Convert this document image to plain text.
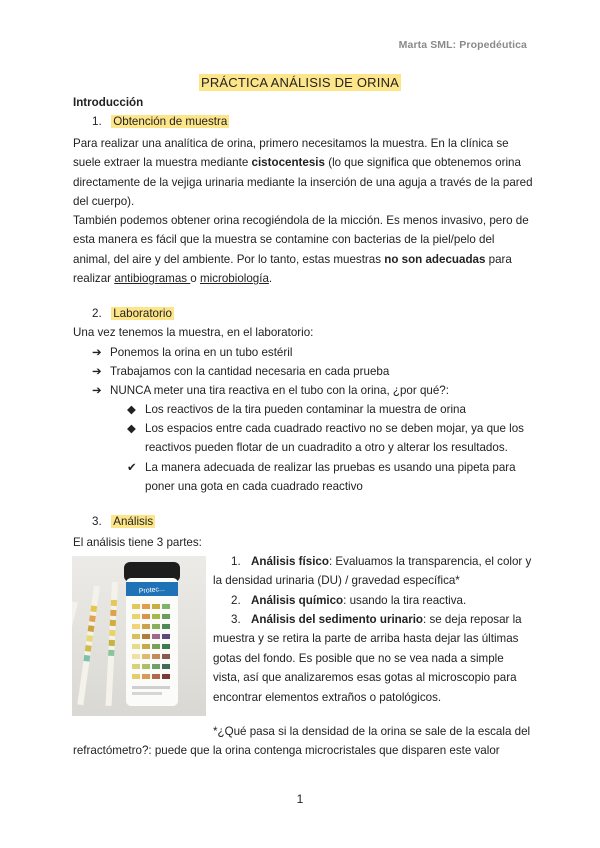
Marta SML: Propedéutica
PRÁCTICA ANÁLISIS DE ORINA
Introducción
1. Obtención de muestra
Para realizar una analítica de orina, primero necesitamos la muestra. En la clínica se suele extraer la muestra mediante cistocentesis (lo que significa que obtenemos orina directamente de la vejiga urinaria mediante la inserción de una aguja a través de la pared del cuerpo).
También podemos obtener orina recogiéndola de la micción. Es menos invasivo, pero de esta manera es fácil que la muestra se contamine con bacterias de la piel/pelo del animal, del aire y del ambiente. Por lo tanto, estas muestras no son adecuadas para realizar antibiogramas o microbiología.
2. Laboratorio
Una vez tenemos la muestra, en el laboratorio:
➔ Ponemos la orina en un tubo estéril
➔ Trabajamos con la cantidad necesaria en cada prueba
➔ NUNCA meter una tira reactiva en el tubo con la orina, ¿por qué?:
◆ Los reactivos de la tira pueden contaminar la muestra de orina
◆ Los espacios entre cada cuadrado reactivo no se deben mojar, ya que los reactivos pueden flotar de un cuadradito a otro y alterar los resultados.
✔ La manera adecuada de realizar las pruebas es usando una pipeta para poner una gota en cada cuadrado reactivo
3. Análisis
El análisis tiene 3 partes:
Protec...
1. Análisis físico: Evaluamos la transparencia, el color y la densidad urinaria (DU) / gravedad específica*
2. Análisis químico: usando la tira reactiva.
3. Análisis del sedimento urinario: se deja reposar la muestra y se retira la parte de arriba hasta dejar las últimas gotas del fondo. Es posible que no se vea nada a simple vista, así que analizaremos esas gotas al microscopio para encontrar elementos extraños o patológicos.
*¿Qué pasa si la densidad de la orina se sale de la escala del refractómetro?: puede que la orina contenga microcristales que disparen este valor
1
